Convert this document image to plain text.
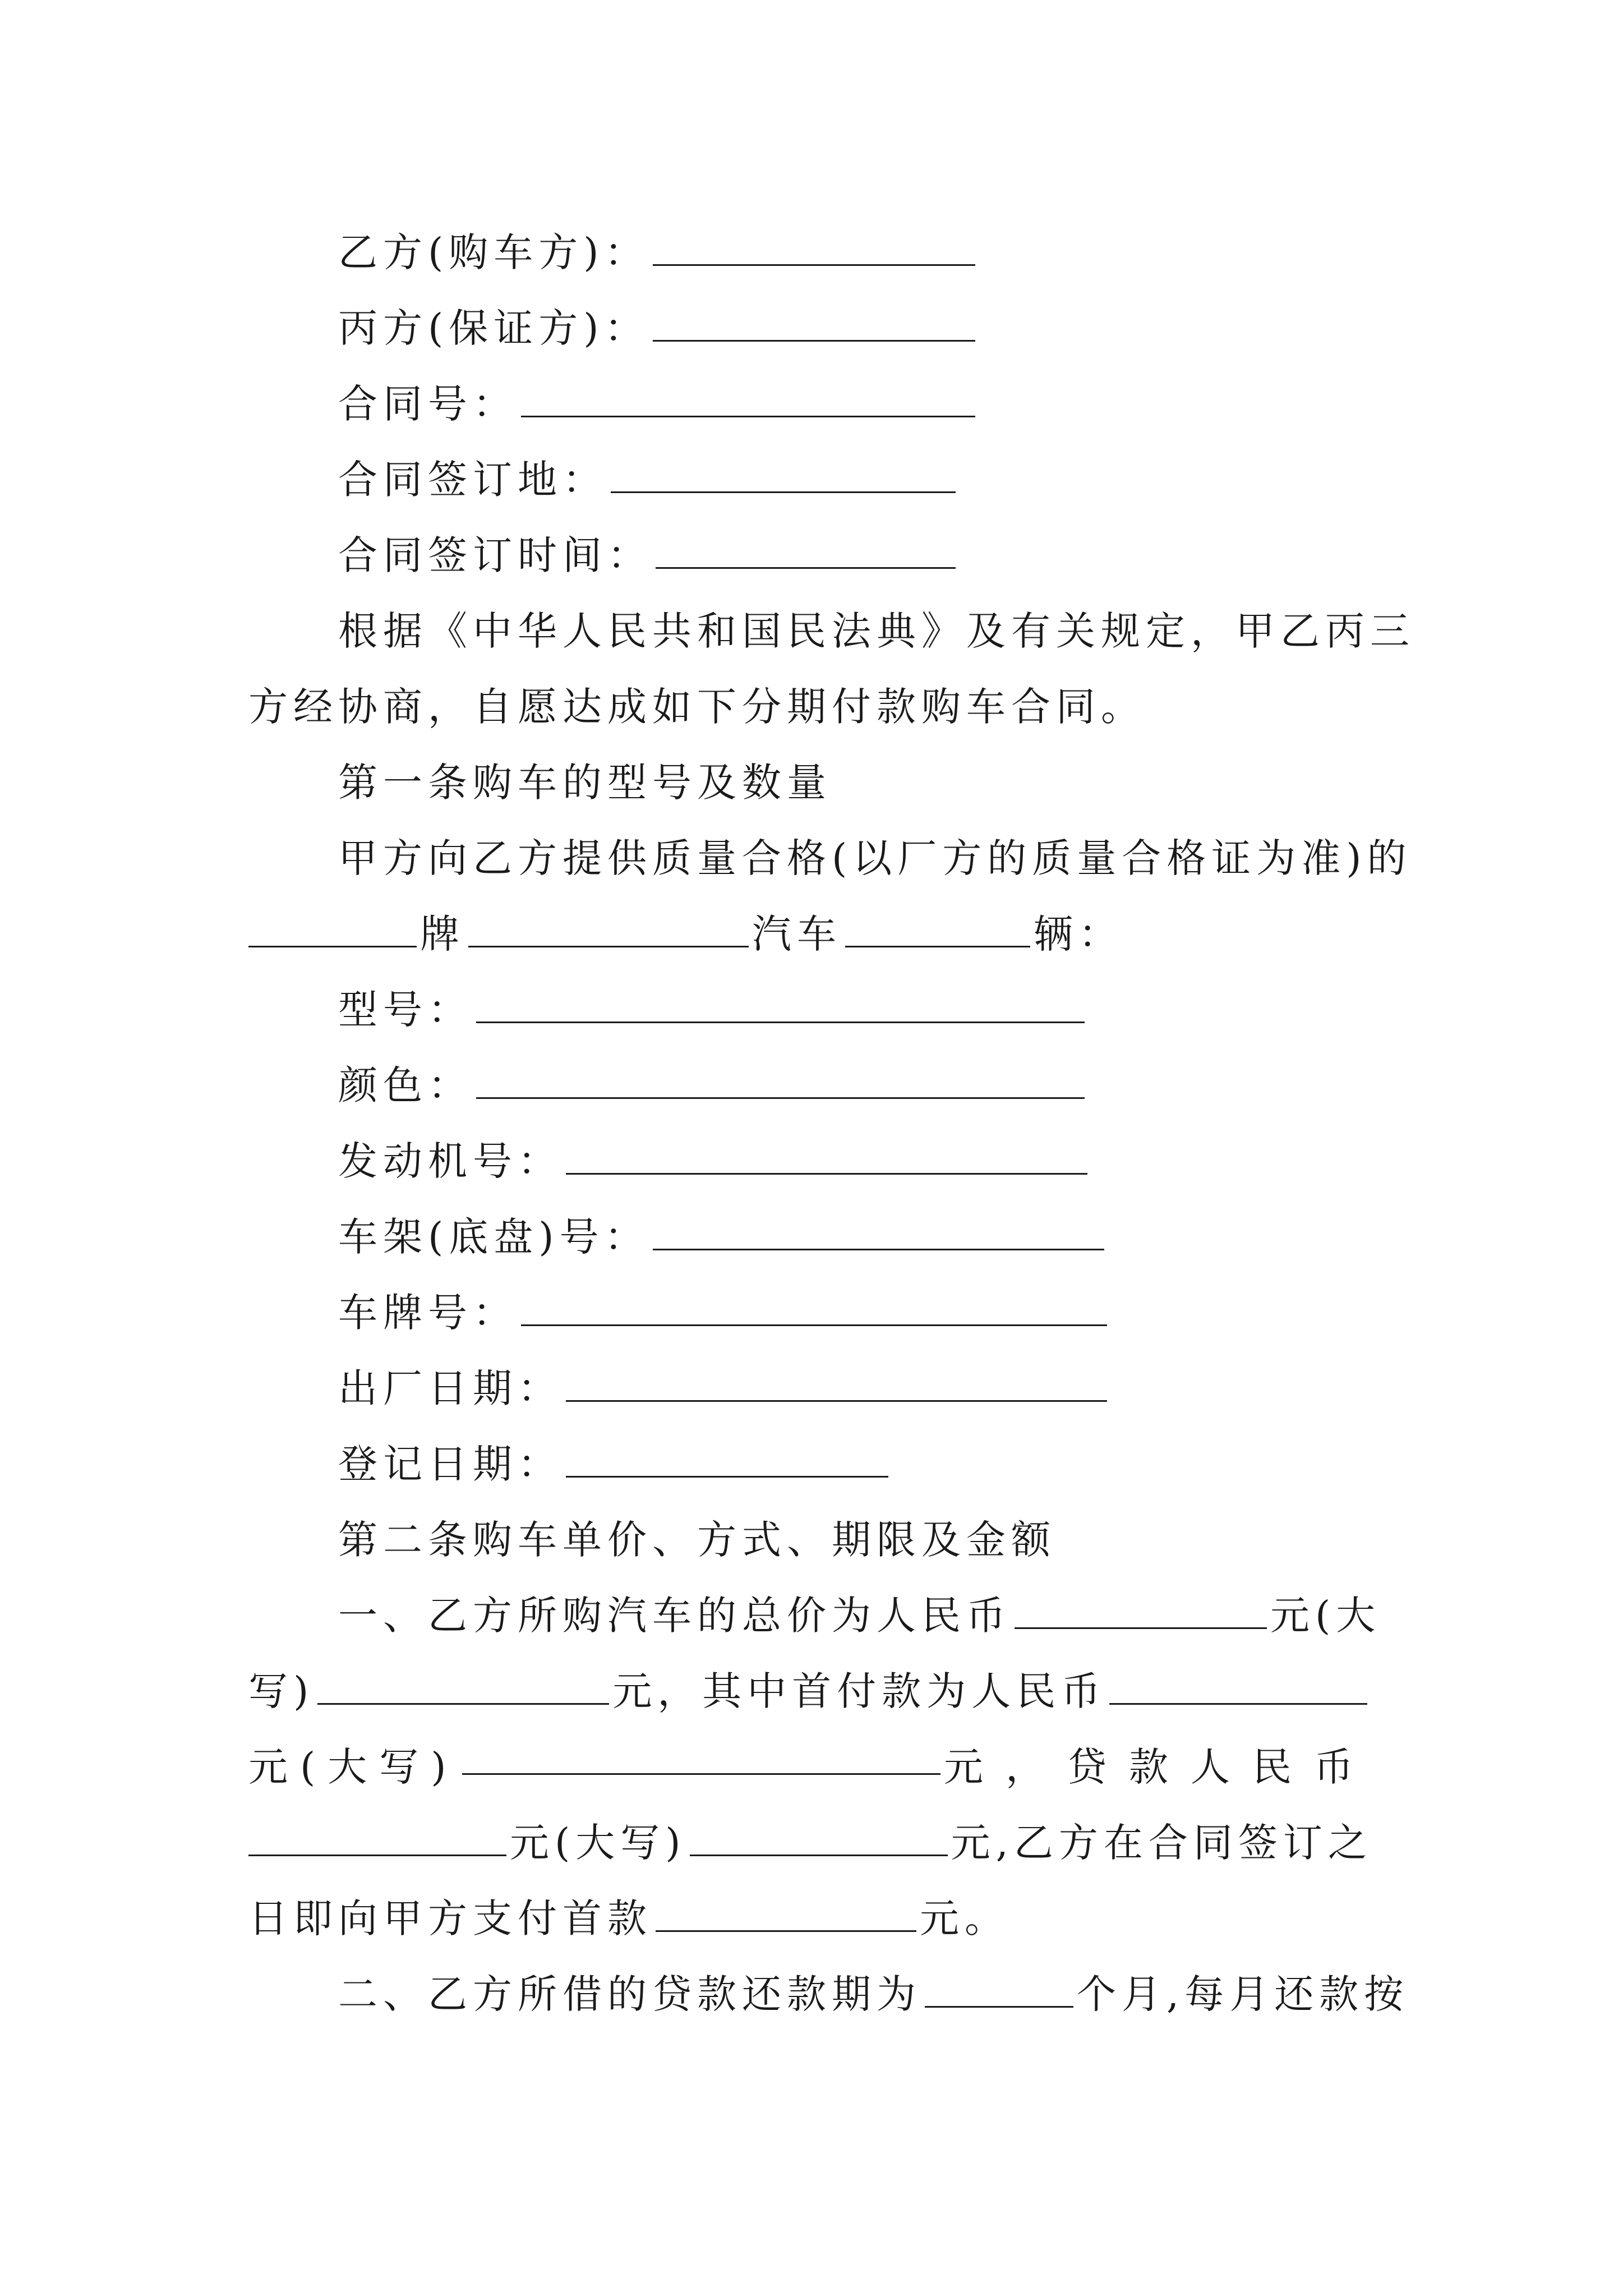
乙方(购车方)：
丙方(保证方)：
合同号：
合同签订地：
合同签订时间：
根据《中华人民共和国民法典》及有关规定，甲乙丙三
方经协商，自愿达成如下分期付款购车合同。
第一条购车的型号及数量
甲方向乙方提供质量合格(以厂方的质量合格证为准)的
牌	汽车	辆：
型号：
颜色：
发动机号：
车架(底盘)号：
车牌号：
出厂日期：
登记日期：
第二条购车单价、方式、期限及金额
一、乙方所购汽车的总价为人民币	元(大
写)	元，其中首付款为人民币
元(大写)	元，贷款人民币
元(大写)	元,乙方在合同签订之
日即向甲方支付首款	元。
二、乙方所借的贷款还款期为	个月,每月还款按
